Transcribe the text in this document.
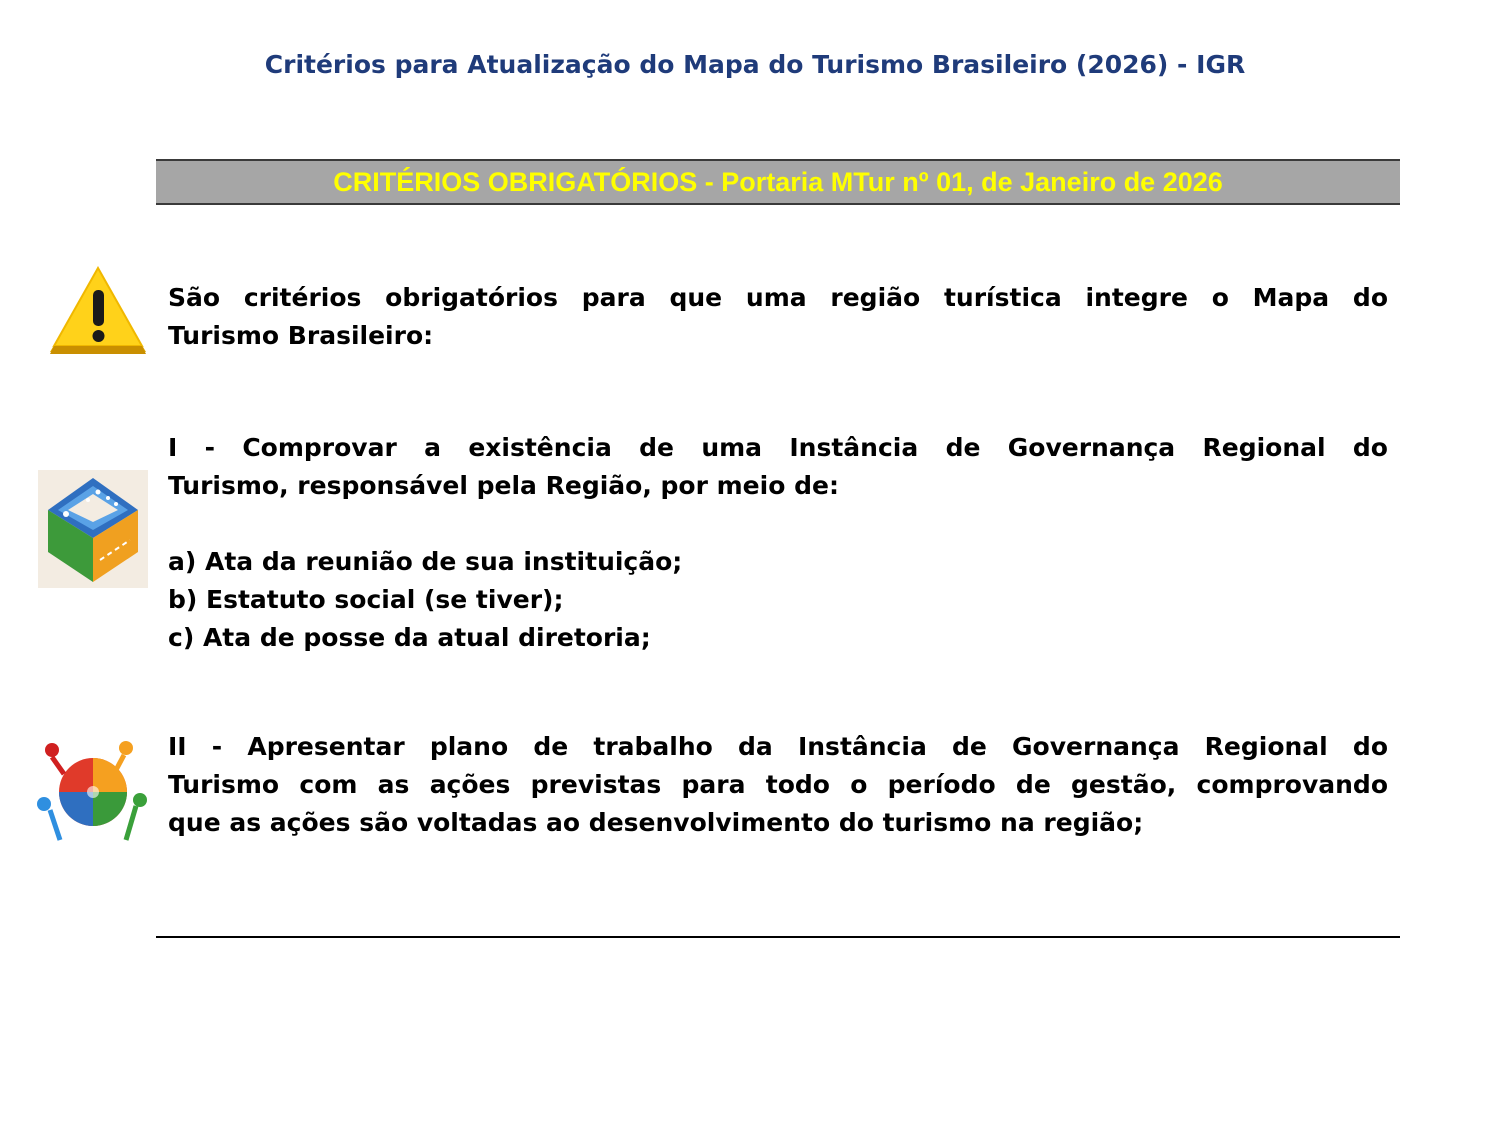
Critérios para Atualização do Mapa do Turismo Brasileiro (2026) - IGR
CRITÉRIOS OBRIGATÓRIOS - Portaria MTur nº 01, de Janeiro de 2026
São critérios obrigatórios para que uma região turística integre o Mapa do
Turismo Brasileiro:
I - Comprovar a existência de uma Instância de Governança Regional do
Turismo, responsável pela Região, por meio de:
a) Ata da reunião de sua instituição;
b) Estatuto social (se tiver);
c) Ata de posse da atual diretoria;
II - Apresentar plano de trabalho da Instância de Governança Regional do
Turismo com as ações previstas para todo o período de gestão, comprovando
que as ações são voltadas ao desenvolvimento do turismo na região;
